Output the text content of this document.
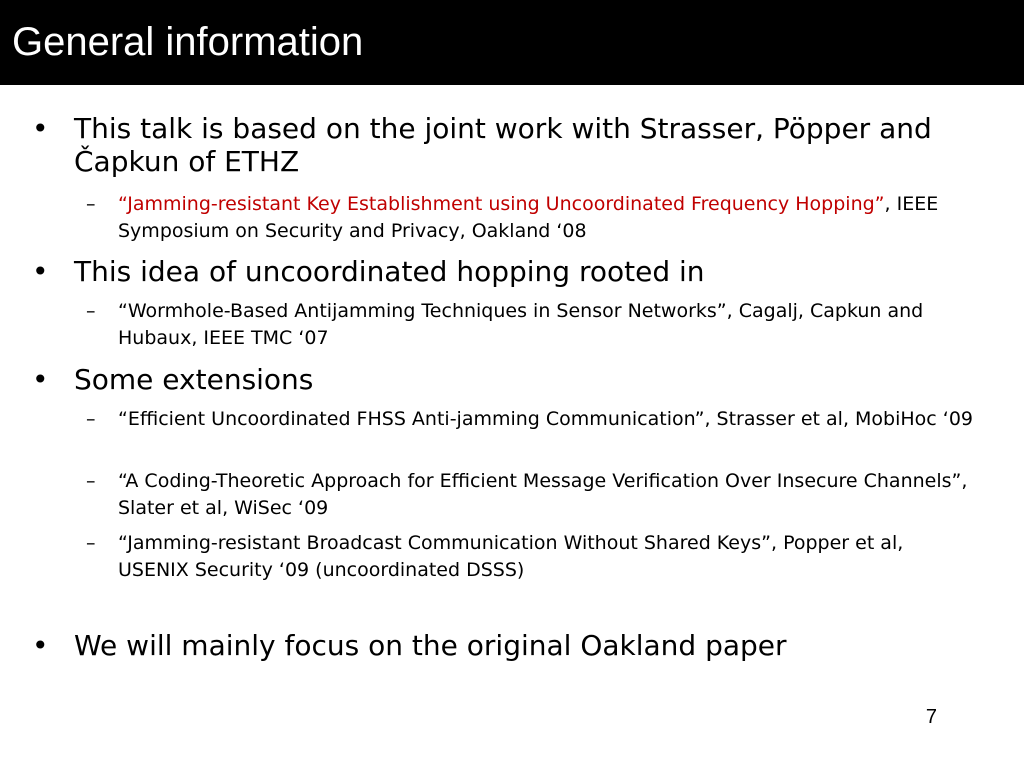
General information
• This talk is based on the joint work with Strasser, Pöpper and Čapkun of ETHZ
–	“Jamming-resistant Key Establishment using Uncoordinated Frequency Hopping”, IEEE Symposium on Security and Privacy, Oakland ‘08
• This idea of uncoordinated hopping rooted in
–	“Wormhole-Based Antijamming Techniques in Sensor Networks”, Cagalj, Capkun and Hubaux, IEEE TMC ‘07
• Some extensions
–	“Efficient Uncoordinated FHSS Anti-jamming Communication”, Strasser et al, MobiHoc ‘09
–	“A Coding-Theoretic Approach for Efficient Message Verification Over Insecure Channels”, Slater et al, WiSec ‘09
–	“Jamming-resistant Broadcast Communication Without Shared Keys”, Popper et al, USENIX Security ‘09 (uncoordinated DSSS)
• We will mainly focus on the original Oakland paper
7
